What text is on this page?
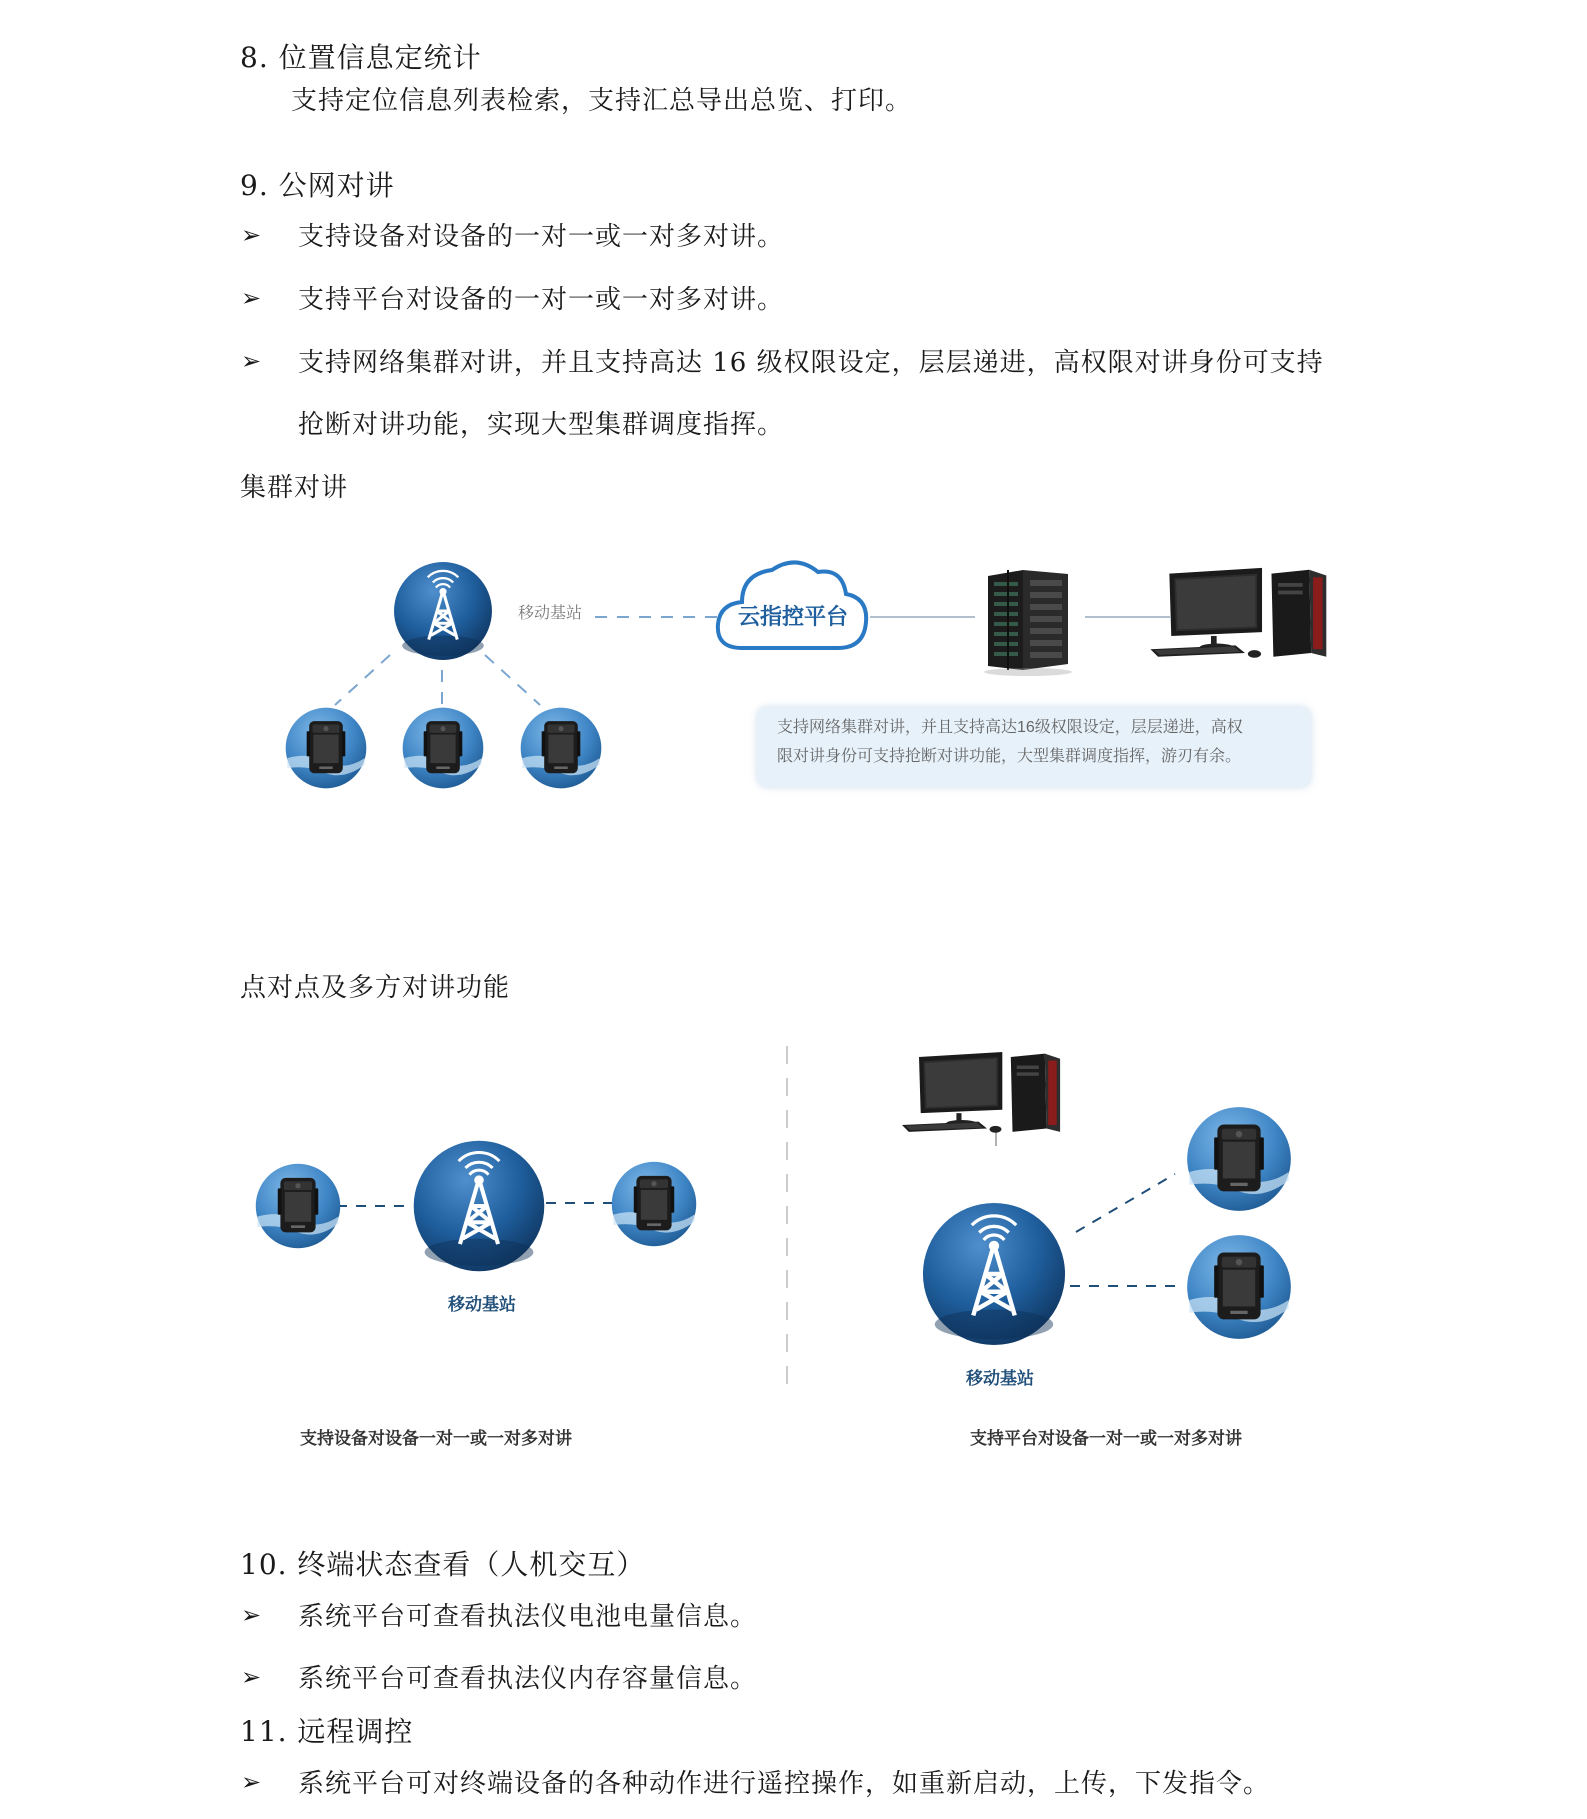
8. 位置信息定统计
支持定位信息列表检索，支持汇总导出总览、打印。
9. 公网对讲
➢ 支持设备对设备的一对一或一对多对讲。
➢ 支持平台对设备的一对一或一对多对讲。
➢ 支持网络集群对讲，并且支持高达 16 级权限设定，层层递进，高权限对讲身份可支持
抢断对讲功能，实现大型集群调度指挥。
集群对讲
移动基站	云指控平台
支持网络集群对讲，并且支持高达16级权限设定，层层递进，高权
限对讲身份可支持抢断对讲功能，大型集群调度指挥，游刃有余。
点对点及多方对讲功能
移动基站
移动基站
支持设备对设备一对一或一对多对讲	支持平台对设备一对一或一对多对讲
10. 终端状态查看（人机交互）
➢ 系统平台可查看执法仪电池电量信息。
➢ 系统平台可查看执法仪内存容量信息。
11. 远程调控
➢ 系统平台可对终端设备的各种动作进行遥控操作，如重新启动，上传，下发指令。
